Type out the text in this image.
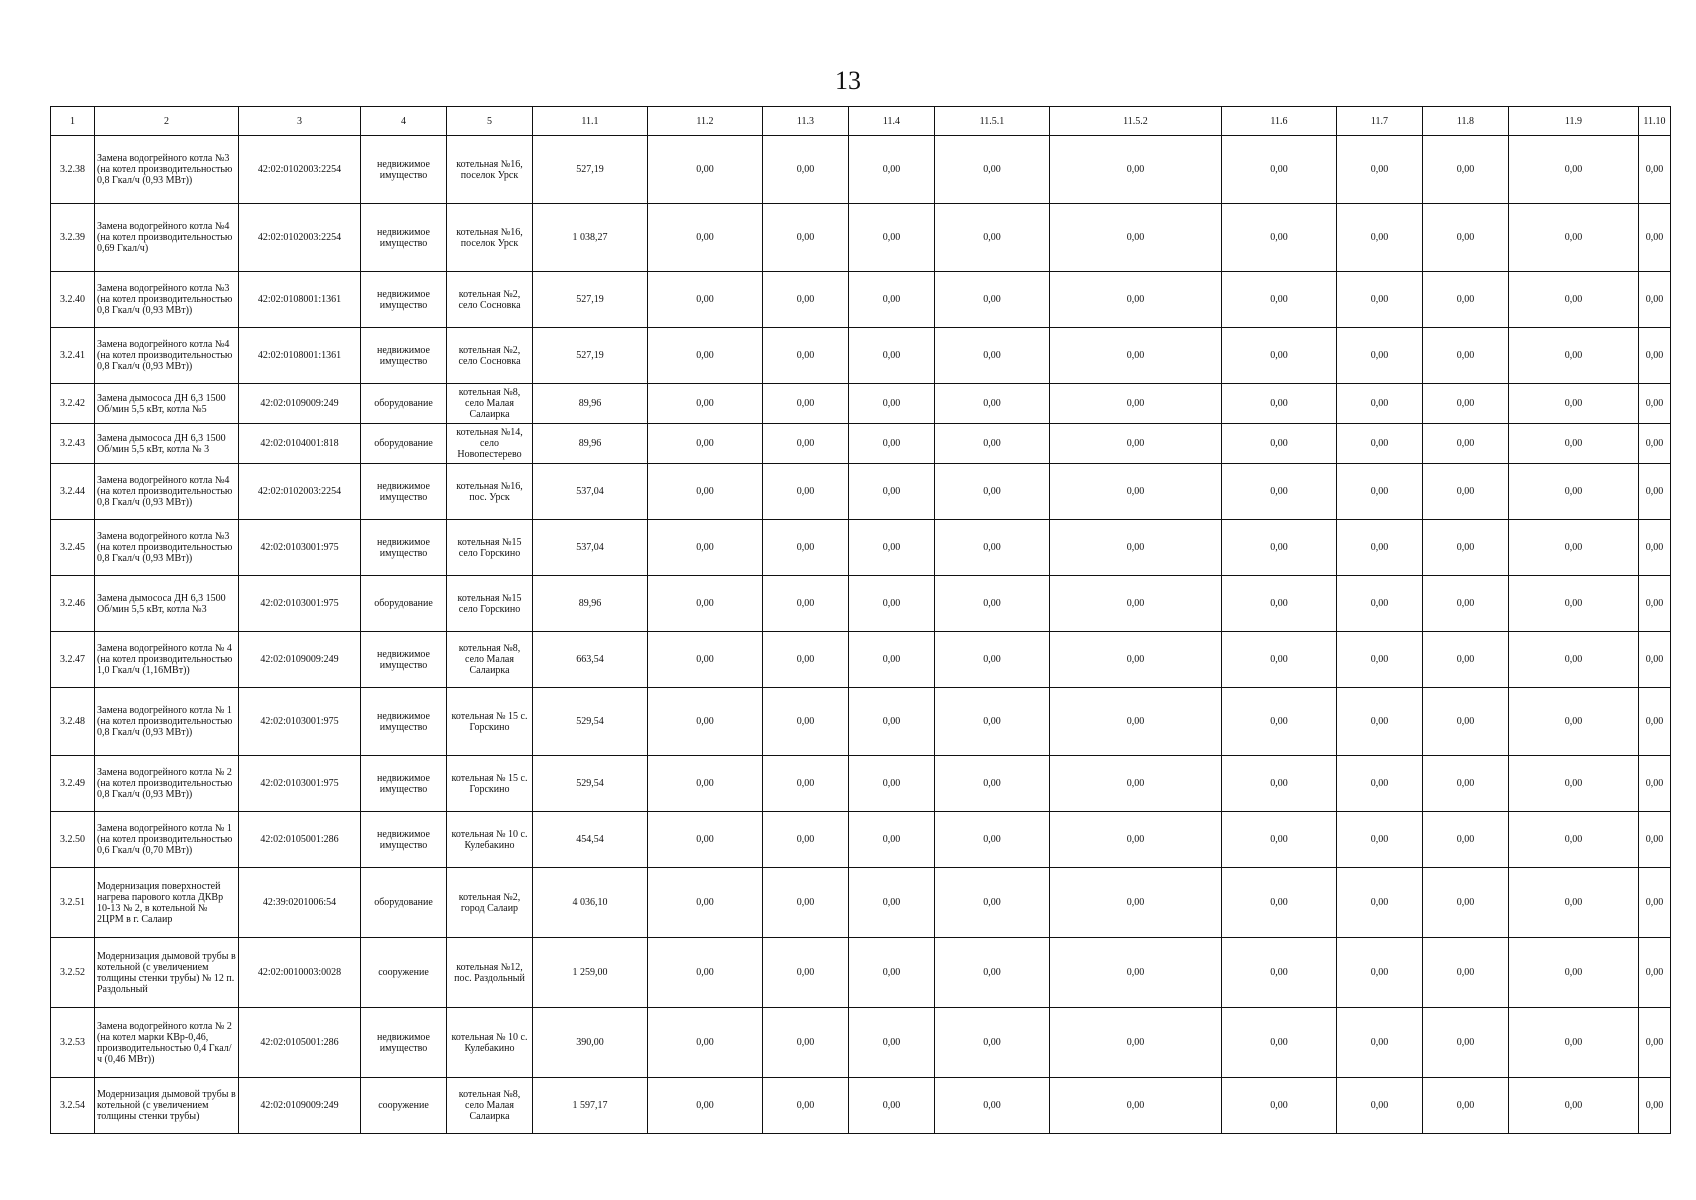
13
1	2	3	4	5	11.1	11.2	11.3	11.4	11.5.1	11.5.2	11.6	11.7	11.8	11.9	11.10
3.2.38	Замена водогрейного котла №3 (на котел производительностью 0,8 Гкал/ч (0,93 МВт))	42:02:0102003:2254	недвижимое имущество	котельная №16, поселок Урск	527,19	0,00	0,00	0,00	0,00	0,00	0,00	0,00	0,00	0,00	0,00
3.2.39	Замена водогрейного котла №4 (на котел производительностью 0,69 Гкал/ч)	42:02:0102003:2254	недвижимое имущество	котельная №16, поселок Урск	1 038,27	0,00	0,00	0,00	0,00	0,00	0,00	0,00	0,00	0,00	0,00
3.2.40	Замена водогрейного котла №3 (на котел производительностью 0,8 Гкал/ч (0,93 МВт))	42:02:0108001:1361	недвижимое имущество	котельная №2, село Сосновка	527,19	0,00	0,00	0,00	0,00	0,00	0,00	0,00	0,00	0,00	0,00
3.2.41	Замена водогрейного котла №4 (на котел производительностью 0,8 Гкал/ч (0,93 МВт))	42:02:0108001:1361	недвижимое имущество	котельная №2, село Сосновка	527,19	0,00	0,00	0,00	0,00	0,00	0,00	0,00	0,00	0,00	0,00
3.2.42	Замена дымососа ДН 6,3 1500 Об/мин 5,5 кВт, котла №5	42:02:0109009:249	оборудование	котельная №8, село Малая Салаирка	89,96	0,00	0,00	0,00	0,00	0,00	0,00	0,00	0,00	0,00	0,00
3.2.43	Замена дымососа ДН 6,3 1500 Об/мин 5,5 кВт, котла № 3	42:02:0104001:818	оборудование	котельная №14, село Новопестерево	89,96	0,00	0,00	0,00	0,00	0,00	0,00	0,00	0,00	0,00	0,00
3.2.44	Замена водогрейного котла №4 (на котел производительностью 0,8 Гкал/ч (0,93 МВт))	42:02:0102003:2254	недвижимое имущество	котельная №16, пос. Урск	537,04	0,00	0,00	0,00	0,00	0,00	0,00	0,00	0,00	0,00	0,00
3.2.45	Замена водогрейного котла №3 (на котел производительностью 0,8 Гкал/ч (0,93 МВт))	42:02:0103001:975	недвижимое имущество	котельная №15 село Горскино	537,04	0,00	0,00	0,00	0,00	0,00	0,00	0,00	0,00	0,00	0,00
3.2.46	Замена дымососа ДН 6,3 1500 Об/мин 5,5 кВт, котла №3	42:02:0103001:975	оборудование	котельная №15 село Горскино	89,96	0,00	0,00	0,00	0,00	0,00	0,00	0,00	0,00	0,00	0,00
3.2.47	Замена водогрейного котла № 4 (на котел производительностью 1,0 Гкал/ч (1,16МВт))	42:02:0109009:249	недвижимое имущество	котельная №8, село Малая Салаирка	663,54	0,00	0,00	0,00	0,00	0,00	0,00	0,00	0,00	0,00	0,00
3.2.48	Замена водогрейного котла № 1 (на котел производительностью 0,8 Гкал/ч (0,93 МВт))	42:02:0103001:975	недвижимое имущество	котельная № 15 с. Горскино	529,54	0,00	0,00	0,00	0,00	0,00	0,00	0,00	0,00	0,00	0,00
3.2.49	Замена водогрейного котла № 2 (на котел производительностью 0,8 Гкал/ч (0,93 МВт))	42:02:0103001:975	недвижимое имущество	котельная № 15 с. Горскино	529,54	0,00	0,00	0,00	0,00	0,00	0,00	0,00	0,00	0,00	0,00
3.2.50	Замена водогрейного котла № 1 (на котел производительностью 0,6 Гкал/ч (0,70 МВт))	42:02:0105001:286	недвижимое имущество	котельная № 10 с. Кулебакино	454,54	0,00	0,00	0,00	0,00	0,00	0,00	0,00	0,00	0,00	0,00
3.2.51	Модернизация поверхностей нагрева парового котла ДКВр 10-13 № 2, в котельной № 2ЦРМ в г. Салаир	42:39:0201006:54	оборудование	котельная №2, город Салаир	4 036,10	0,00	0,00	0,00	0,00	0,00	0,00	0,00	0,00	0,00	0,00
3.2.52	Модернизация дымовой трубы в котельной (с увеличением толщины стенки трубы) № 12 п. Раздольный	42:02:0010003:0028	сооружение	котельная №12, пос. Раздольный	1 259,00	0,00	0,00	0,00	0,00	0,00	0,00	0,00	0,00	0,00	0,00
3.2.53	Замена водогрейного котла № 2 (на котел марки КВр-0,46, производительностью 0,4 Гкал/ч (0,46 МВт))	42:02:0105001:286	недвижимое имущество	котельная № 10 с. Кулебакино	390,00	0,00	0,00	0,00	0,00	0,00	0,00	0,00	0,00	0,00	0,00
3.2.54	Модернизация дымовой трубы в котельной (с увеличением толщины стенки трубы)	42:02:0109009:249	сооружение	котельная №8, село Малая Салаирка	1 597,17	0,00	0,00	0,00	0,00	0,00	0,00	0,00	0,00	0,00	0,00
